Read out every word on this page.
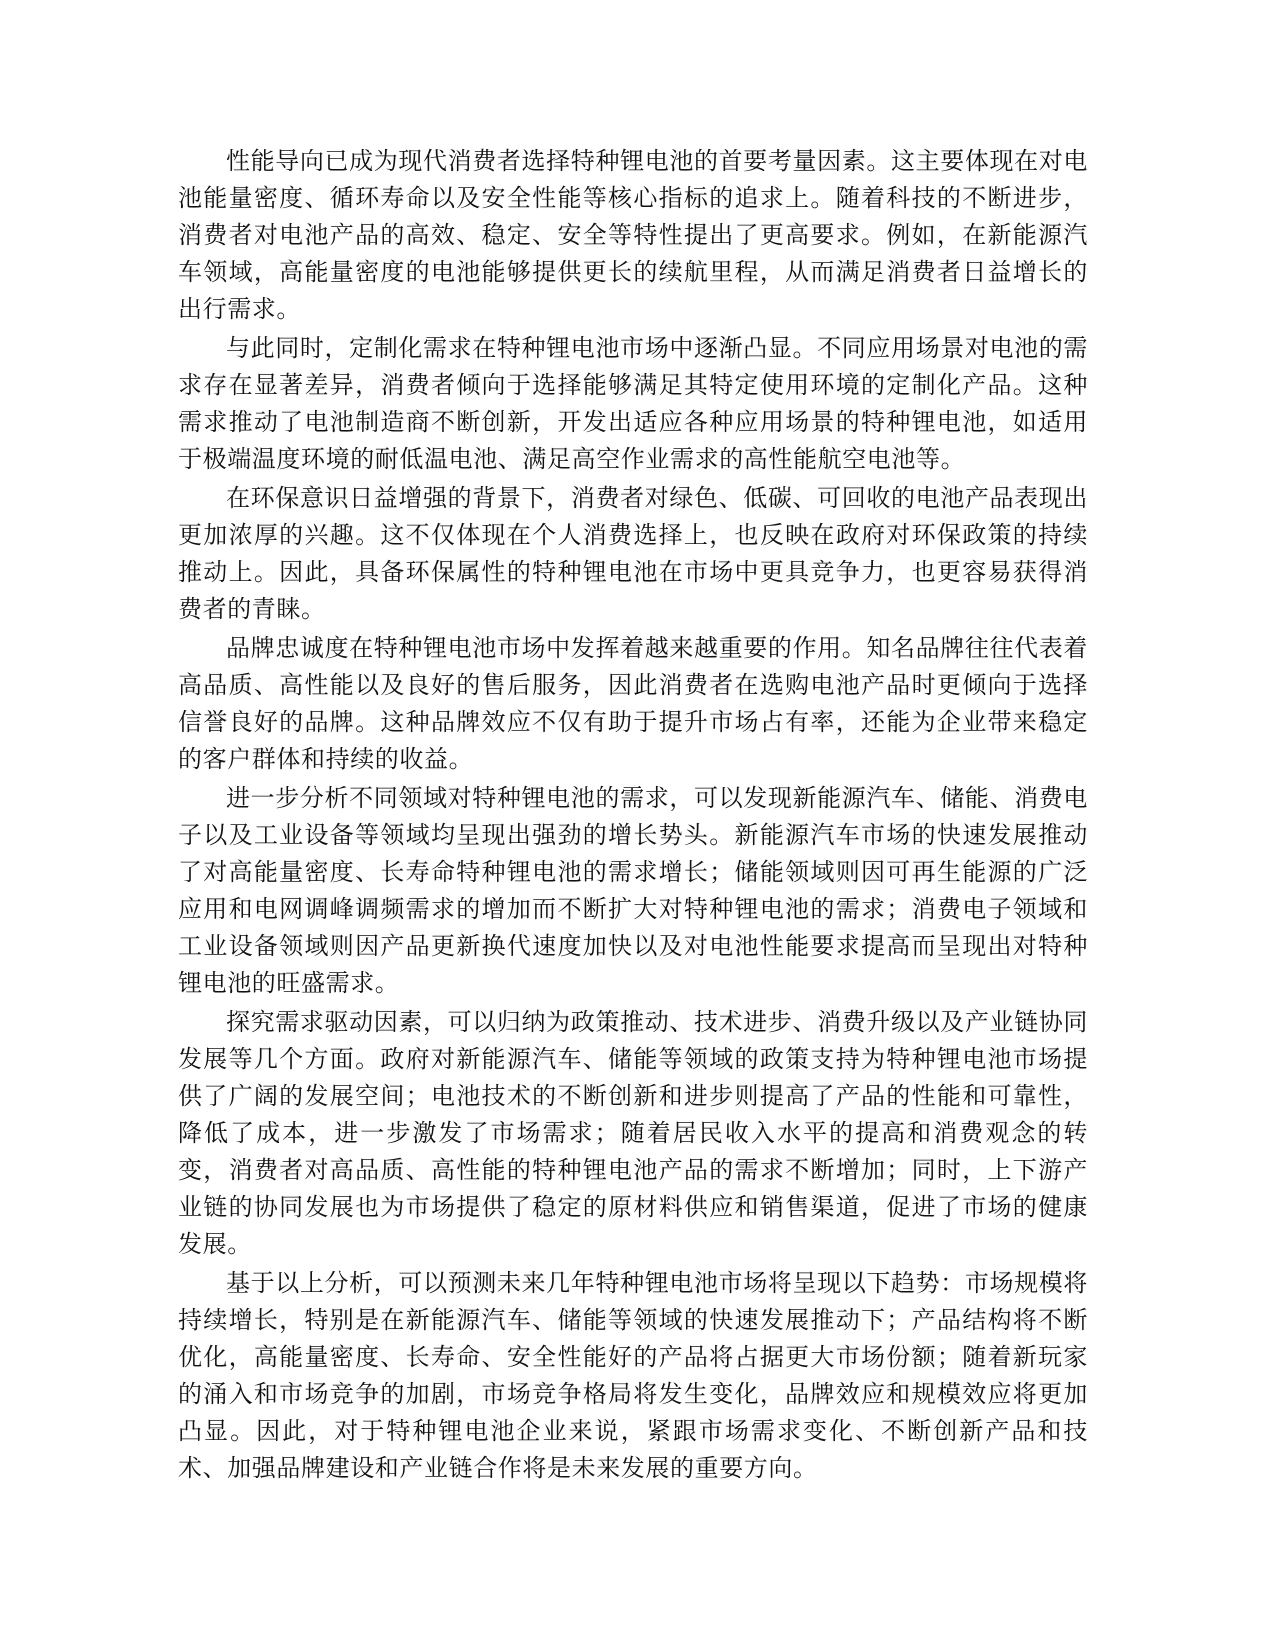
性能导向已成为现代消费者选择特种锂电池的首要考量因素。这主要体现在对电池能量密度、循环寿命以及安全性能等核心指标的追求上。随着科技的不断进步，消费者对电池产品的高效、稳定、安全等特性提出了更高要求。例如，在新能源汽车领域，高能量密度的电池能够提供更长的续航里程，从而满足消费者日益增长的出行需求。

与此同时，定制化需求在特种锂电池市场中逐渐凸显。不同应用场景对电池的需求存在显著差异，消费者倾向于选择能够满足其特定使用环境的定制化产品。这种需求推动了电池制造商不断创新，开发出适应各种应用场景的特种锂电池，如适用于极端温度环境的耐低温电池、满足高空作业需求的高性能航空电池等。

在环保意识日益增强的背景下，消费者对绿色、低碳、可回收的电池产品表现出更加浓厚的兴趣。这不仅体现在个人消费选择上，也反映在政府对环保政策的持续推动上。因此，具备环保属性的特种锂电池在市场中更具竞争力，也更容易获得消费者的青睐。

品牌忠诚度在特种锂电池市场中发挥着越来越重要的作用。知名品牌往往代表着高品质、高性能以及良好的售后服务，因此消费者在选购电池产品时更倾向于选择信誉良好的品牌。这种品牌效应不仅有助于提升市场占有率，还能为企业带来稳定的客户群体和持续的收益。

进一步分析不同领域对特种锂电池的需求，可以发现新能源汽车、储能、消费电子以及工业设备等领域均呈现出强劲的增长势头。新能源汽车市场的快速发展推动了对高能量密度、长寿命特种锂电池的需求增长；储能领域则因可再生能源的广泛应用和电网调峰调频需求的增加而不断扩大对特种锂电池的需求；消费电子领域和工业设备领域则因产品更新换代速度加快以及对电池性能要求提高而呈现出对特种锂电池的旺盛需求。

探究需求驱动因素，可以归纳为政策推动、技术进步、消费升级以及产业链协同发展等几个方面。政府对新能源汽车、储能等领域的政策支持为特种锂电池市场提供了广阔的发展空间；电池技术的不断创新和进步则提高了产品的性能和可靠性，降低了成本，进一步激发了市场需求；随着居民收入水平的提高和消费观念的转变，消费者对高品质、高性能的特种锂电池产品的需求不断增加；同时，上下游产业链的协同发展也为市场提供了稳定的原材料供应和销售渠道，促进了市场的健康发展。

基于以上分析，可以预测未来几年特种锂电池市场将呈现以下趋势：市场规模将持续增长，特别是在新能源汽车、储能等领域的快速发展推动下；产品结构将不断优化，高能量密度、长寿命、安全性能好的产品将占据更大市场份额；随着新玩家的涌入和市场竞争的加剧，市场竞争格局将发生变化，品牌效应和规模效应将更加凸显。因此，对于特种锂电池企业来说，紧跟市场需求变化、不断创新产品和技术、加强品牌建设和产业链合作将是未来发展的重要方向。
